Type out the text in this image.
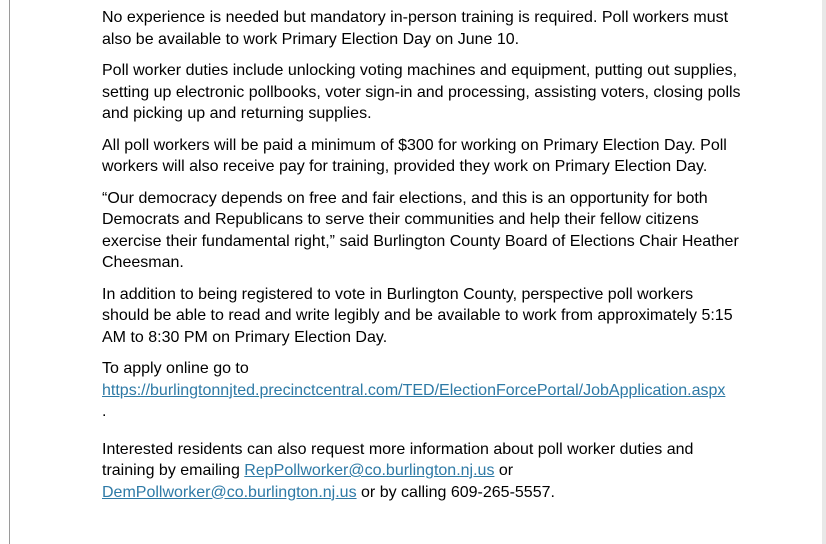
No experience is needed but mandatory in-person training is required. Poll workers must also be available to work Primary Election Day on June 10.

Poll worker duties include unlocking voting machines and equipment, putting out supplies, setting up electronic pollbooks, voter sign-in and processing, assisting voters, closing polls and picking up and returning supplies.

All poll workers will be paid a minimum of $300 for working on Primary Election Day. Poll workers will also receive pay for training, provided they work on Primary Election Day.

“Our democracy depends on free and fair elections, and this is an opportunity for both Democrats and Republicans to serve their communities and help their fellow citizens exercise their fundamental right,” said Burlington County Board of Elections Chair Heather Cheesman.

In addition to being registered to vote in Burlington County, perspective poll workers should be able to read and write legibly and be available to work from approximately 5:15 AM to 8:30 PM on Primary Election Day.

To apply online go to
https://burlingtonnjted.precinctcentral.com/TED/ElectionForcePortal/JobApplication.aspx
.

Interested residents can also request more information about poll worker duties and training by emailing RepPollworker@co.burlington.nj.us or
DemPollworker@co.burlington.nj.us or by calling 609-265-5557.
